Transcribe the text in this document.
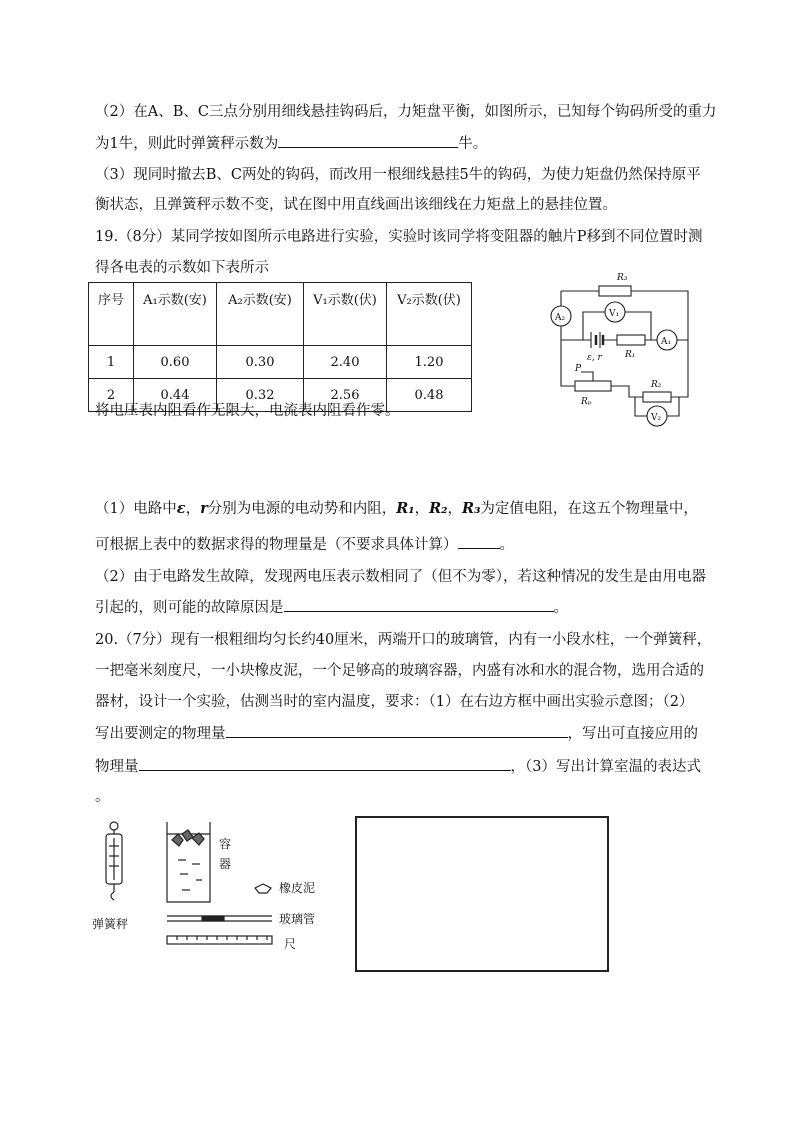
（2）在A、B、C三点分别用细线悬挂钩码后，力矩盘平衡，如图所示，已知每个钩码所受的重力
为1牛，则此时弹簧秤示数为	牛。
（3）现同时撤去B、C两处的钩码，而改用一根细线悬挂5牛的钩码，为使力矩盘仍然保持原平
衡状态，且弹簧秤示数不变，试在图中用直线画出该细线在力矩盘上的悬挂位置。
19.（8分）某同学按如图所示电路进行实验，实验时该同学将变阻器的触片P移到不同位置时测
得各电表的示数如下表所示
序号	A₁示数(安)	A₂示数(安)	V₁示数(伏)	V₂示数(伏)
1	0.60	0.30	2.40	1.20
2	0.44	0.32	2.56	0.48
R₃
A₂
ε, r	R₁
A₁
V₁
P
Rₚ
R₂
V₂
将电压表内阻看作无限大，电流表内阻看作零。
（1）电路中ε，r分别为电源的电动势和内阻，R₁，R₂，R₃为定值电阻，在这五个物理量中，
可根据上表中的数据求得的物理量是（不要求具体计算）	。
（2）由于电路发生故障，发现两电压表示数相同了（但不为零），若这种情况的发生是由用电器
引起的，则可能的故障原因是	。
20.（7分）现有一根粗细均匀长约40厘米，两端开口的玻璃管，内有一小段水柱，一个弹簧秤，
一把毫米刻度尺，一小块橡皮泥，一个足够高的玻璃容器，内盛有冰和水的混合物，选用合适的
器材，设计一个实验，估测当时的室内温度，要求：（1）在右边方框中画出实验示意图；（2）
写出要测定的物理量	，写出可直接应用的
物理量	，（3）写出计算室温的表达式
。
弹簧秤
容
器
橡皮泥
玻璃管
尺
